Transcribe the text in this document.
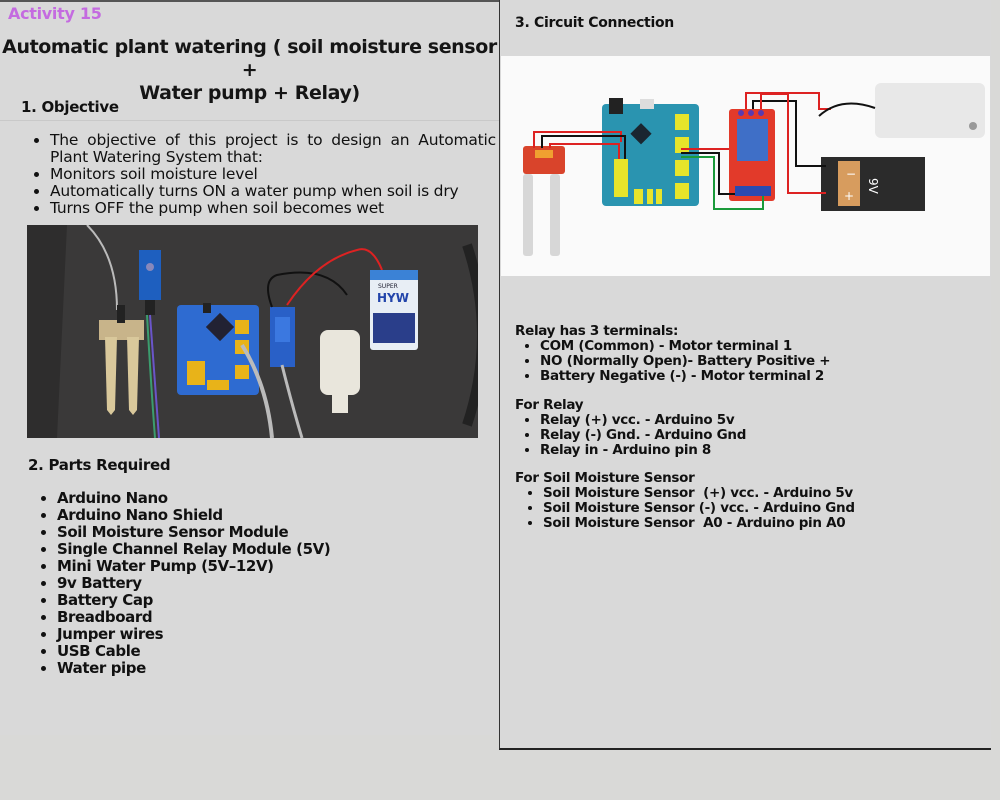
Activity 15
Automatic plant watering ( soil moisture sensor +
Water pump + Relay)
1. Objective
• The objective of this project is to design an Automatic Plant Watering System that:
• Monitors soil moisture level
• Automatically turns ON a water pump when soil is dry
• Turns OFF the pump when soil becomes wet
SUPER
HYW
2. Parts Required
• Arduino Nano
• Arduino Nano Shield
• Soil Moisture Sensor Module
• Single Channel Relay Module (5V)
• Mini Water Pump (5V–12V)
• 9v Battery
• Battery Cap
• Breadboard
• Jumper wires
• USB Cable
• Water pipe
3. Circuit Connection
−
+
9V
Relay has 3 terminals:
• COM (Common) - Motor terminal 1
• NO (Normally Open)- Battery Positive +
• Battery Negative (-) - Motor terminal 2
For Relay
• Relay (+) vcc. - Arduino 5v
• Relay (-) Gnd. - Arduino Gnd
• Relay in - Arduino pin 8
For Soil Moisture Sensor
• Soil Moisture Sensor  (+) vcc. - Arduino 5v
• Soil Moisture Sensor (-) vcc. - Arduino Gnd
• Soil Moisture Sensor  A0 - Arduino pin A0
